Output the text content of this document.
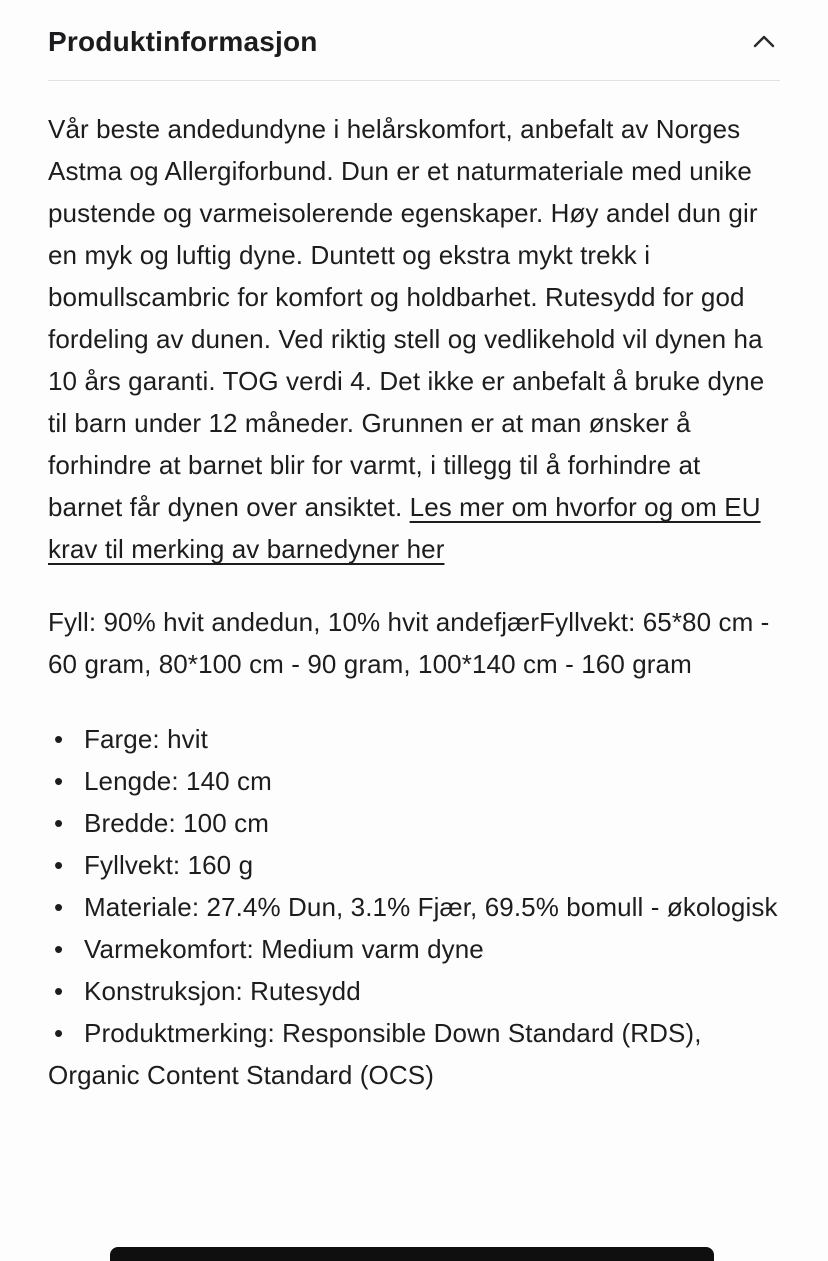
Produktinformasjon

Vår beste andedundyne i helårskomfort, anbefalt av Norges Astma og Allergiforbund. Dun er et naturmateriale med unike pustende og varmeisolerende egenskaper. Høy andel dun gir en myk og luftig dyne. Duntett og ekstra mykt trekk i bomullscambric for komfort og holdbarhet. Rutesydd for god fordeling av dunen. Ved riktig stell og vedlikehold vil dynen ha 10 års garanti. TOG verdi 4. Det ikke er anbefalt å bruke dyne til barn under 12 måneder. Grunnen er at man ønsker å forhindre at barnet blir for varmt, i tillegg til å forhindre at barnet får dynen over ansiktet. Les mer om hvorfor og om EU krav til merking av barnedyner her

Fyll: 90% hvit andedun, 10% hvit andefjærFyllvekt: 65*80 cm - 60 gram, 80*100 cm - 90 gram, 100*140 cm - 160 gram

• Farge: hvit
• Lengde: 140 cm
• Bredde: 100 cm
• Fyllvekt: 160 g
• Materiale: 27.4% Dun, 3.1% Fjær, 69.5% bomull - økologisk
• Varmekomfort: Medium varm dyne
• Konstruksjon: Rutesydd
• Produktmerking: Responsible Down Standard (RDS), Organic Content Standard (OCS)
